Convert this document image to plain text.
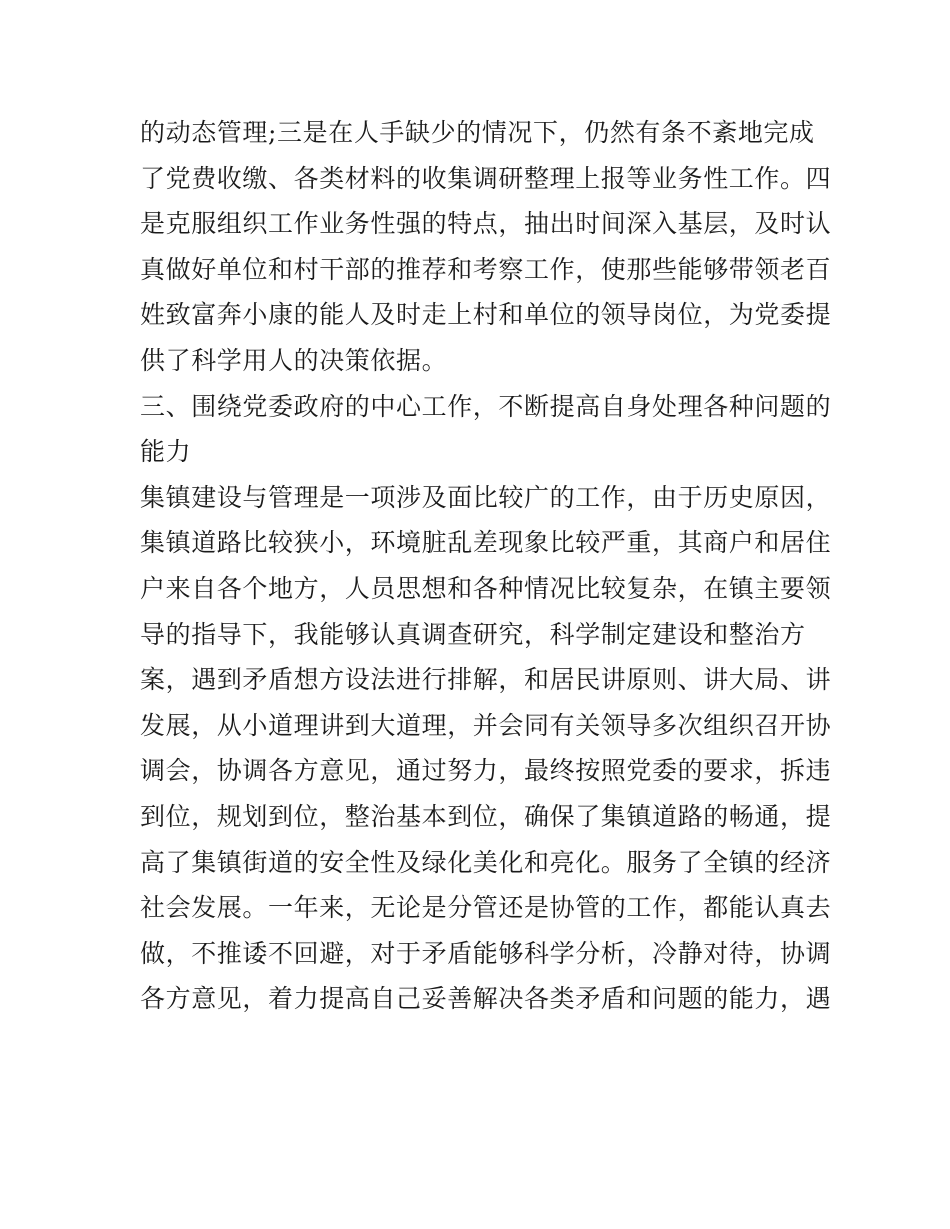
的动态管理;三是在人手缺少的情况下，仍然有条不紊地完成
了党费收缴、各类材料的收集调研整理上报等业务性工作。四
是克服组织工作业务性强的特点，抽出时间深入基层，及时认
真做好单位和村干部的推荐和考察工作，使那些能够带领老百
姓致富奔小康的能人及时走上村和单位的领导岗位，为党委提
供了科学用人的决策依据。
三、围绕党委政府的中心工作，不断提高自身处理各种问题的
能力
集镇建设与管理是一项涉及面比较广的工作，由于历史原因，
集镇道路比较狭小，环境脏乱差现象比较严重，其商户和居住
户来自各个地方，人员思想和各种情况比较复杂，在镇主要领
导的指导下，我能够认真调查研究，科学制定建设和整治方
案，遇到矛盾想方设法进行排解，和居民讲原则、讲大局、讲
发展，从小道理讲到大道理，并会同有关领导多次组织召开协
调会，协调各方意见，通过努力，最终按照党委的要求，拆违
到位，规划到位，整治基本到位，确保了集镇道路的畅通，提
高了集镇街道的安全性及绿化美化和亮化。服务了全镇的经济
社会发展。一年来，无论是分管还是协管的工作，都能认真去
做，不推诿不回避，对于矛盾能够科学分析，冷静对待，协调
各方意见，着力提高自己妥善解决各类矛盾和问题的能力，遇
